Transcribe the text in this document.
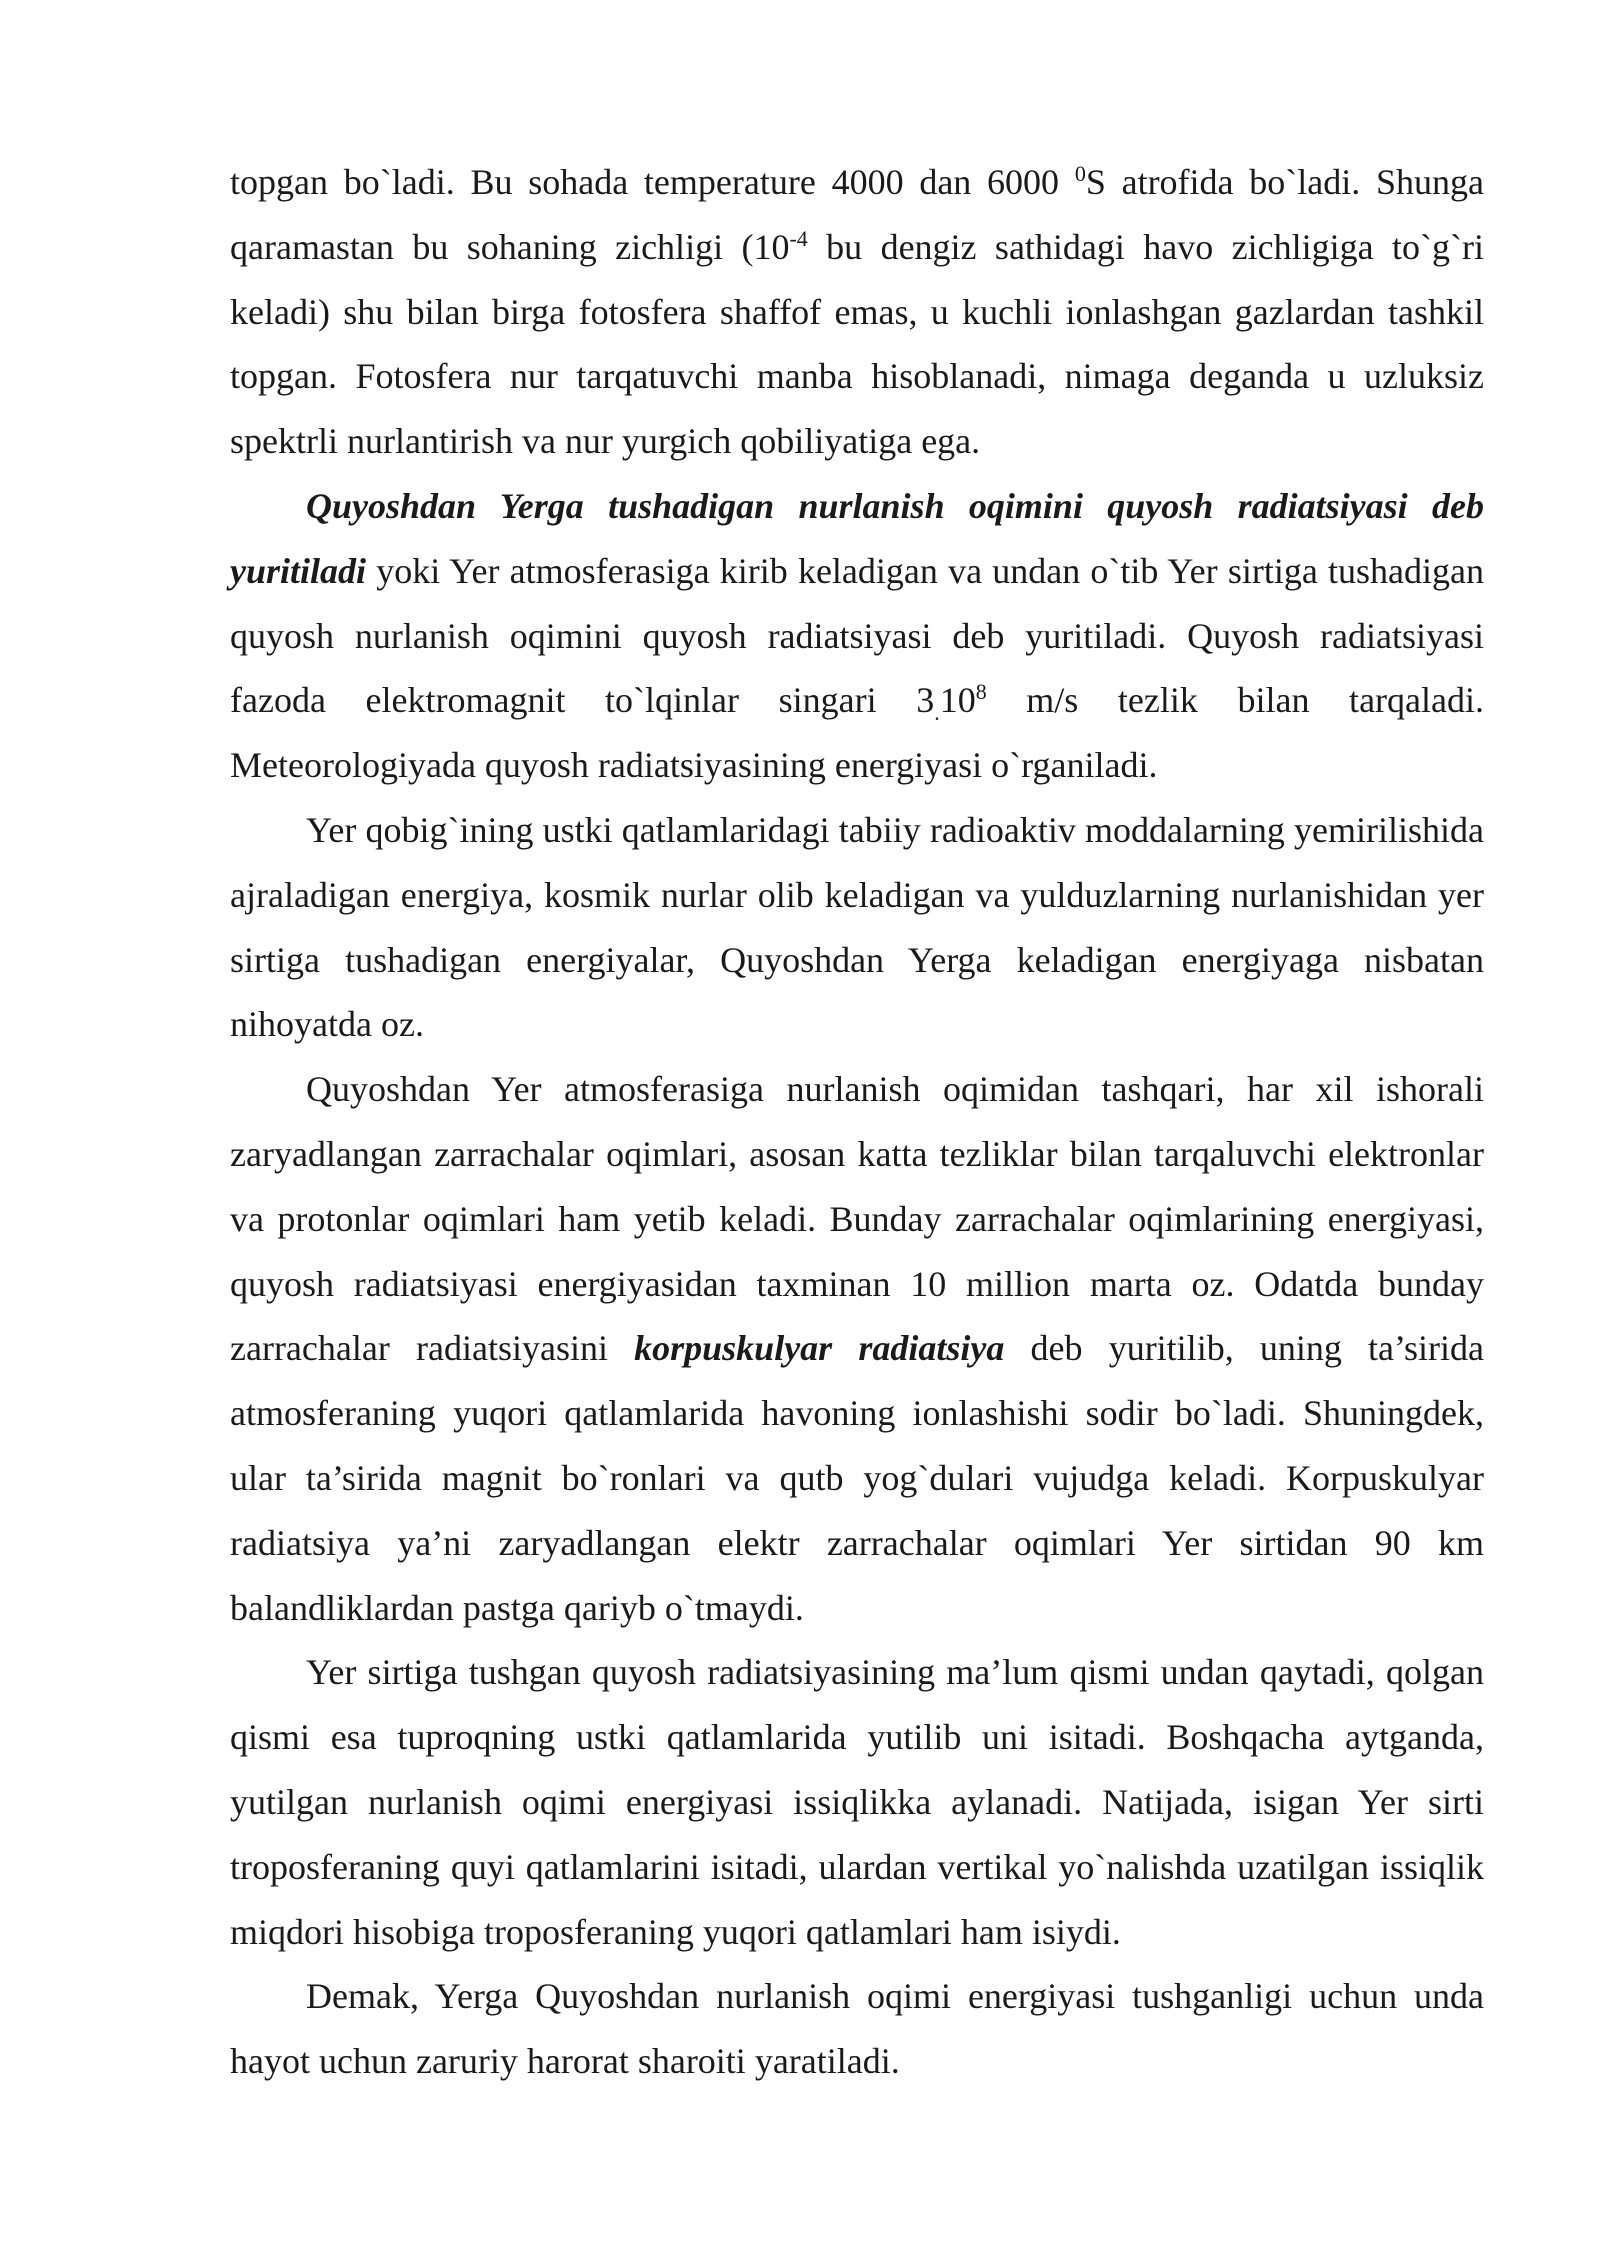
topgan bo`ladi. Bu sohada temperature 4000 dan 6000 $^0$S atrofida bo`ladi. Shunga qaramastan bu sohaning zichligi ($10^{-4}$ bu dengiz sathidagi havo zichligiga to`g`ri keladi) shu bilan birga fotosfera shaffof emas, u kuchli ionlashgan gazlardan tashkil topgan. Fotosfera nur tarqatuvchi manba hisoblanadi, nimaga deganda u uzluksiz spektrli nurlantirish va nur yurgich qobiliyatiga ega.

Quyoshdan Yerga tushadigan nurlanish oqimini quyosh radiatsiyasi deb yuritiladi yoki Yer atmosferasiga kirib keladigan va undan o`tib Yer sirtiga tushadigan quyosh nurlanish oqimini quyosh radiatsiyasi deb yuritiladi. Quyosh radiatsiyasi fazoda elektromagnit to`lqinlar singari $3_.10^8$ m/s tezlik bilan tarqaladi. Meteorologiyada quyosh radiatsiyasining energiyasi o`rganiladi.

Yer qobig`ining ustki qatlamlaridagi tabiiy radioaktiv moddalarning yemirilishida ajraladigan energiya, kosmik nurlar olib keladigan va yulduzlarning nurlanishidan yer sirtiga tushadigan energiyalar, Quyoshdan Yerga keladigan energiyaga nisbatan nihoyatda oz.

Quyoshdan Yer atmosferasiga nurlanish oqimidan tashqari, har xil ishorali zaryadlangan zarrachalar oqimlari, asosan katta tezliklar bilan tarqaluvchi elektronlar va protonlar oqimlari ham yetib keladi. Bunday zarrachalar oqimlarining energiyasi, quyosh radiatsiyasi energiyasidan taxminan 10 million marta oz. Odatda bunday zarrachalar radiatsiyasini korpuskulyar radiatsiya deb yuritilib, uning ta’sirida atmosferaning yuqori qatlamlarida havoning ionlashishi sodir bo`ladi. Shuningdek, ular ta’sirida magnit bo`ronlari va qutb yog`dulari vujudga keladi. Korpuskulyar radiatsiya ya’ni zaryadlangan elektr zarrachalar oqimlari Yer sirtidan 90 km balandliklardan pastga qariyb o`tmaydi.

Yer sirtiga tushgan quyosh radiatsiyasining ma’lum qismi undan qaytadi, qolgan qismi esa tuproqning ustki qatlamlarida yutilib uni isitadi. Boshqacha aytganda, yutilgan nurlanish oqimi energiyasi issiqlikka aylanadi. Natijada, isigan Yer sirti troposferaning quyi qatlamlarini isitadi, ulardan vertikal yo`nalishda uzatilgan issiqlik miqdori hisobiga troposferaning yuqori qatlamlari ham isiydi.

Demak, Yerga Quyoshdan nurlanish oqimi energiyasi tushganligi uchun unda hayot uchun zaruriy harorat sharoiti yaratiladi.
